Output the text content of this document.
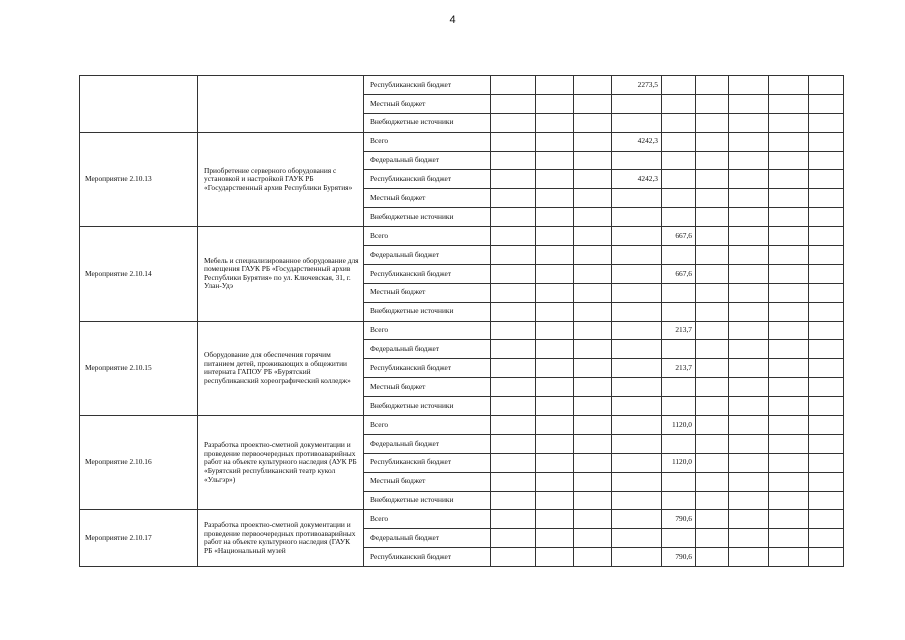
4
		Республиканский бюджет				2273,5					
		Местный бюджет									
		Внебюджетные источники									
Мероприятие 2.10.13	Приобретение серверного оборудования с установкой и настройкой ГАУК РБ «Государственный архив Республики Бурятия»	Всего				4242,3					
		Федеральный бюджет									
		Республиканский бюджет				4242,3					
		Местный бюджет									
		Внебюджетные источники									
Мероприятие 2.10.14	Мебель и специализированное оборудование для помещения ГАУК РБ «Государственный архив Республики Бурятия» по ул. Ключевская, 31, г. Улан-Удэ	Всего					667,6				
		Федеральный бюджет									
		Республиканский бюджет					667,6				
		Местный бюджет									
		Внебюджетные источники									
Мероприятие 2.10.15	Оборудование для обеспечения горячим питанием детей, проживающих в общежитии интерната ГАПОУ РБ «Бурятский республиканский хореографический колледж»	Всего					213,7				
		Федеральный бюджет									
		Республиканский бюджет					213,7				
		Местный бюджет									
		Внебюджетные источники									
Мероприятие 2.10.16	Разработка проектно-сметной документации и проведение первоочередных противоаварийных работ на объекте культурного наследия (АУК РБ «Бурятский республиканский театр кукол «Ульгэр»)	Всего					1120,0				
		Федеральный бюджет									
		Республиканский бюджет					1120,0				
		Местный бюджет									
		Внебюджетные источники									
Мероприятие 2.10.17	Разработка проектно-сметной документации и проведение первоочередных противоаварийных работ на объекте культурного наследия (ГАУК РБ «Национальный музей	Всего					790,6				
		Федеральный бюджет									
		Республиканский бюджет					790,6				
